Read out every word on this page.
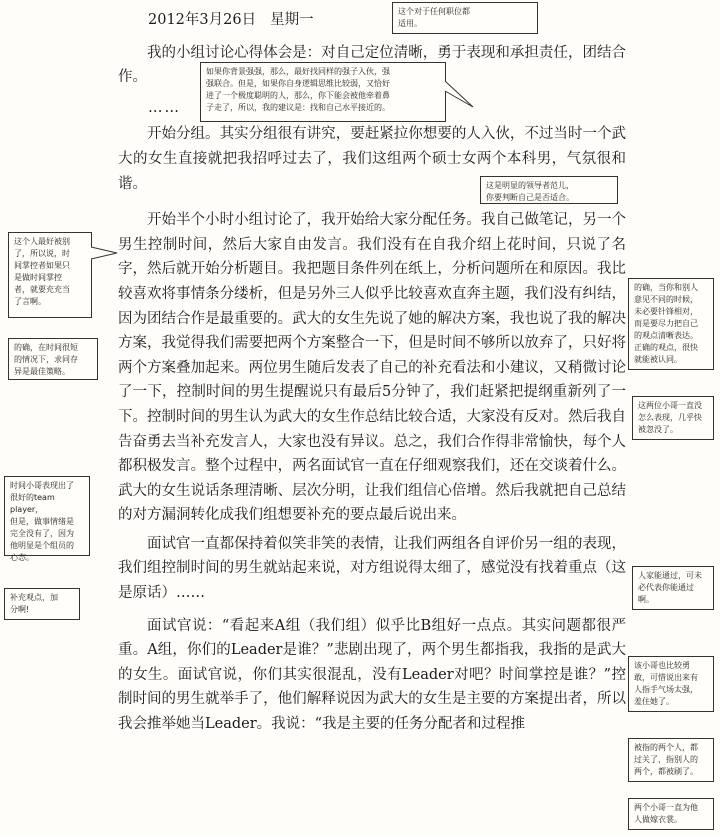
2012年3月26日 星期一

我的小组讨论心得体会是：对自己定位清晰，勇于表现和承担责任，团结合作。

……

开始分组。其实分组很有讲究，要赶紧拉你想要的人入伙，不过当时一个武大的女生直接就把我招呼过去了，我们这组两个硕士女两个本科男，气氛很和谐。

开始半个小时小组讨论了，我开始给大家分配任务。我自己做笔记，另一个男生控制时间，然后大家自由发言。我们没有在自我介绍上花时间，只说了名字，然后就开始分析题目。我把题目条件列在纸上，分析问题所在和原因。我比较喜欢将事情条分缕析，但是另外三人似乎比较喜欢直奔主题，我们没有纠结，因为团结合作是最重要的。武大的女生先说了她的解决方案，我也说了我的解决方案，我觉得我们需要把两个方案整合一下，但是时间不够所以放弃了，只好将两个方案叠加起来。两位男生随后发表了自己的补充看法和小建议，又稍微讨论了一下，控制时间的男生提醒说只有最后5分钟了，我们赶紧把提纲重新列了一下。控制时间的男生认为武大的女生作总结比较合适，大家没有反对。然后我自告奋勇去当补充发言人，大家也没有异议。总之，我们合作得非常愉快，每个人都积极发言。整个过程中，两名面试官一直在仔细观察我们，还在交谈着什么。武大的女生说话条理清晰、层次分明，让我们组信心倍增。然后我就把自己总结的对方漏洞转化成我们组想要补充的要点最后说出来。

面试官一直都保持着似笑非笑的表情，让我们两组各自评价另一组的表现，我们组控制时间的男生就站起来说，对方组说得太细了，感觉没有找着重点（这是原话）……

面试官说：“看起来A组（我们组）似乎比B组好一点点。其实问题都很严重。A组，你们的Leader是谁？”悲剧出现了，两个男生都指我，我指的是武大的女生。面试官说，你们其实很混乱，没有Leader对吧？时间掌控是谁？”控制时间的男生就举手了，他们解释说因为武大的女生是主要的方案提出者，所以我会推举她当Leader。我说：“我是主要的任务分配者和过程推

这个对于任何职位都
适用。
如果你背景强强，那么，最好找同样的强子入伙，强
强联合。但是，如果你自身逻辑思维比较弱，又恰好
进了一个极度聪明的人，那么，你下能会被他牵着鼻
子走了，所以，我的建议是：找和自己水平接近的。
这是明显的领导者范儿，
你要判断自己是否适合。
这个人最好被别
了，所以说，时
间掌控者如果只
是做时间掌控
者，就要充充当
了言啊。
的确，在时间很短
的情况下，求同存
异是最佳策略。
的确，当你和别人
意见不同的时候，
未必要针锋相对，
而是要尽力把自己
的观点清晰表达。
正确的观点，很快
就能被认同。
这两位小哥一直没
怎么表现，几乎快
被忽没了。
时间小哥表现出了
很好的team player，
但是，做事情绪是
完全没有了，因为
他明显是个组员的
心态。
补充观点，加
分啊!
人家能通过，可未
必代表你能通过
啊。
该小哥也比较勇
敢，可惜说出来有
人指手气场太强，
羞住她了。
被指的两个人，都
过关了，指别人的
两个，都被刷了。
两个小哥一直为他
人做嫁衣裳。
